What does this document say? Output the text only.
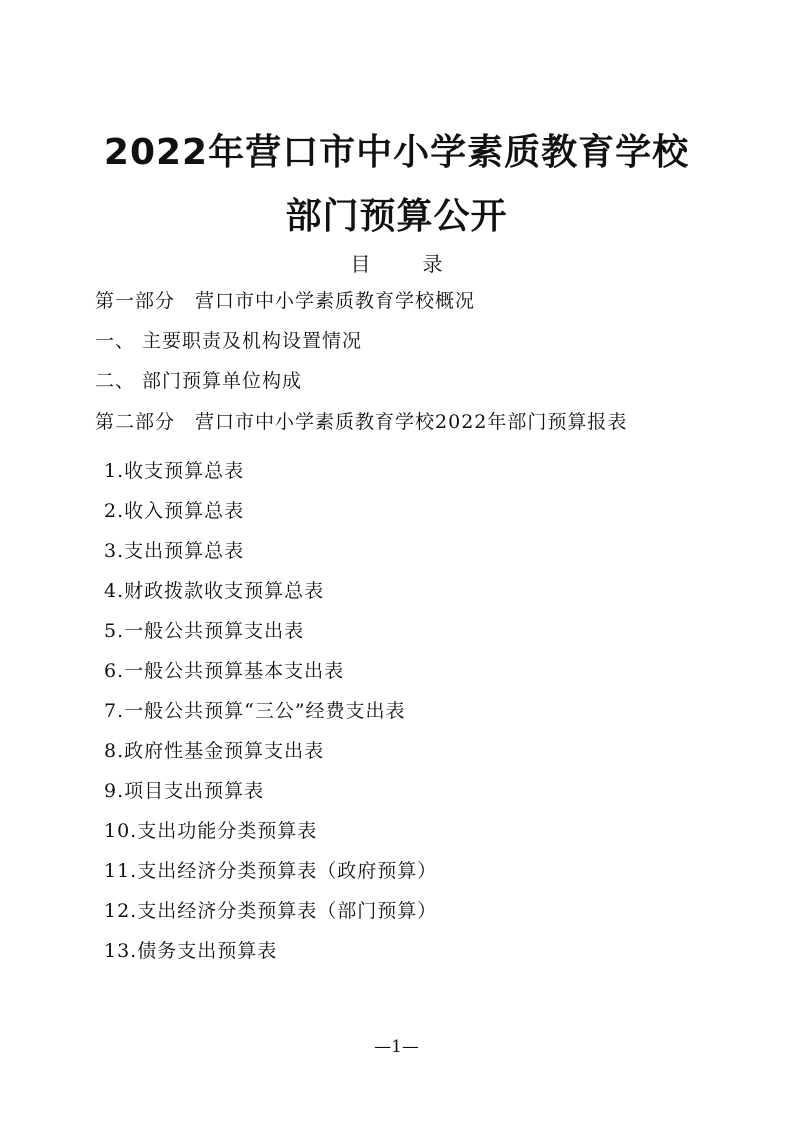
2022年营口市中小学素质教育学校
部门预算公开
目	录
第一部分 营口市中小学素质教育学校概况
一、 主要职责及机构设置情况
二、 部门预算单位构成
第二部分 营口市中小学素质教育学校2022年部门预算报表
1.收支预算总表
2.收入预算总表
3.支出预算总表
4.财政拨款收支预算总表
5.一般公共预算支出表
6.一般公共预算基本支出表
7.一般公共预算“三公”经费支出表
8.政府性基金预算支出表
9.项目支出预算表
10.支出功能分类预算表
11.支出经济分类预算表（政府预算）
12.支出经济分类预算表（部门预算）
13.债务支出预算表
—1—
